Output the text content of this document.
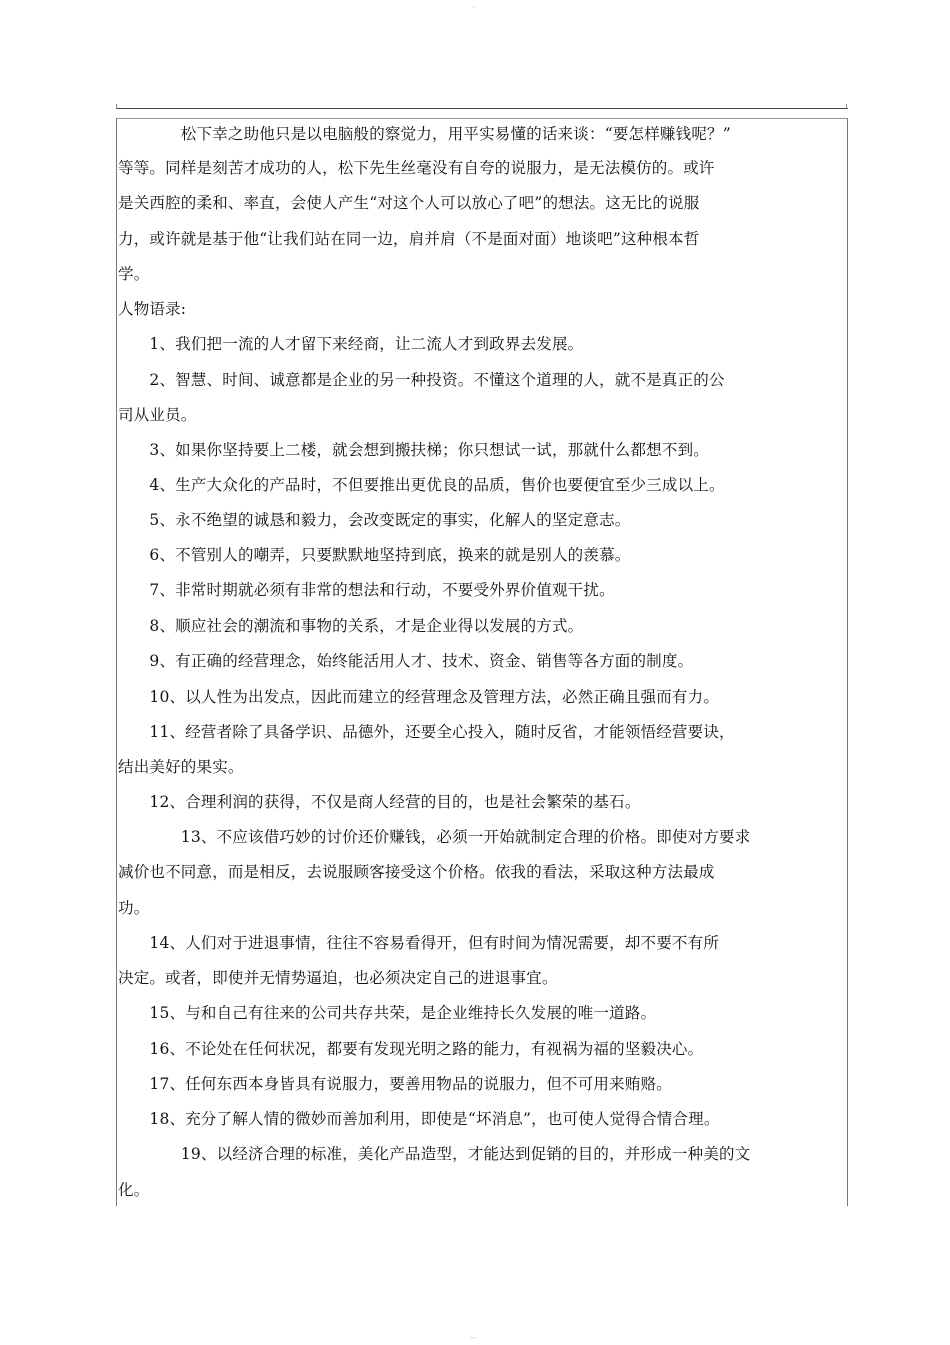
-
　　　　松下幸之助他只是以电脑般的察觉力，用平实易懂的话来谈：“要怎样赚钱呢？”
等等。同样是刻苦才成功的人，松下先生丝毫没有自夸的说服力，是无法模仿的。或许
是关西腔的柔和、率直，会使人产生“对这个人可以放心了吧”的想法。这无比的说服
力，或许就是基于他“让我们站在同一边，肩并肩（不是面对面）地谈吧”这种根本哲
学。
人物语录:
　　1、我们把一流的人才留下来经商，让二流人才到政界去发展。
　　2、智慧、时间、诚意都是企业的另一种投资。不懂这个道理的人，就不是真正的公
司从业员。
　　3、如果你坚持要上二楼，就会想到搬扶梯；你只想试一试，那就什么都想不到。
　　4、生产大众化的产品时，不但要推出更优良的品质，售价也要便宜至少三成以上。
　　5、永不绝望的诚恳和毅力，会改变既定的事实，化解人的坚定意志。
　　6、不管别人的嘲弄，只要默默地坚持到底，换来的就是别人的羡慕。
　　7、非常时期就必须有非常的想法和行动，不要受外界价值观干扰。
　　8、顺应社会的潮流和事物的关系，才是企业得以发展的方式。
　　9、有正确的经营理念，始终能活用人才、技术、资金、销售等各方面的制度。
　　10、以人性为出发点，因此而建立的经营理念及管理方法，必然正确且强而有力。
　　11、经营者除了具备学识、品德外，还要全心投入，随时反省，才能领悟经营要诀，
结出美好的果实。
　　12、合理利润的获得，不仅是商人经营的目的，也是社会繁荣的基石。
　　　　13、不应该借巧妙的讨价还价赚钱，必须一开始就制定合理的价格。即使对方要求
减价也不同意，而是相反，去说服顾客接受这个价格。依我的看法，采取这种方法最成
功。
　　14、人们对于进退事情，往往不容易看得开，但有时间为情况需要，却不要不有所
决定。或者，即使并无情势逼迫，也必须决定自己的进退事宜。
　　15、与和自己有往来的公司共存共荣，是企业维持长久发展的唯一道路。
　　16、不论处在任何状况，都要有发现光明之路的能力，有视祸为福的坚毅决心。
　　17、任何东西本身皆具有说服力，要善用物品的说服力，但不可用来贿赂。
　　18、充分了解人情的微妙而善加利用，即使是“坏消息”，也可使人觉得合情合理。
　　　　19、以经济合理的标准，美化产品造型，才能达到促销的目的，并形成一种美的文
化。
--
